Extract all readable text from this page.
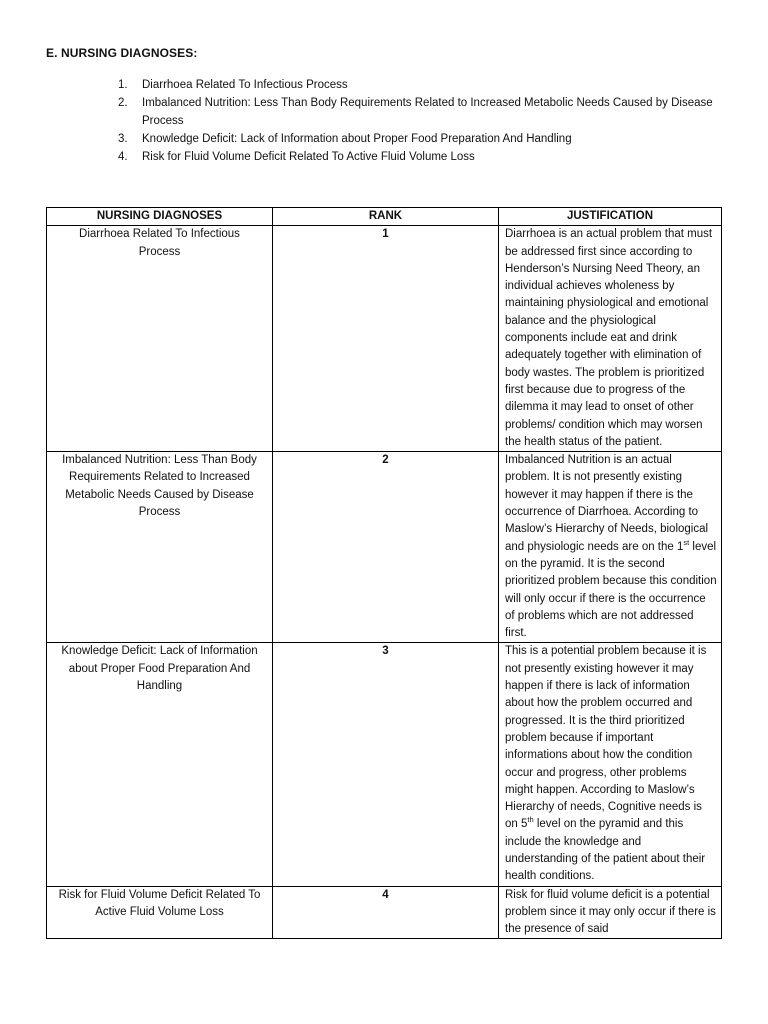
E. NURSING DIAGNOSES:
1. Diarrhoea Related To Infectious Process
2. Imbalanced Nutrition: Less Than Body Requirements Related to Increased Metabolic Needs Caused by Disease Process
3. Knowledge Deficit: Lack of Information about Proper Food Preparation And Handling
4. Risk for Fluid Volume Deficit Related To Active Fluid Volume Loss
NURSING DIAGNOSES	RANK	JUSTIFICATION
Diarrhoea Related To Infectious Process	1	Diarrhoea is an actual problem that must be addressed first since according to Henderson’s Nursing Need Theory, an individual achieves wholeness by maintaining physiological and emotional balance and the physiological components include eat and drink adequately together with elimination of body wastes. The problem is prioritized first because due to progress of the dilemma it may lead to onset of other problems/ condition which may worsen the health status of the patient.
Imbalanced Nutrition: Less Than Body Requirements Related to Increased Metabolic Needs Caused by Disease Process	2	Imbalanced Nutrition is an actual problem. It is not presently existing however it may happen if there is the occurrence of Diarrhoea. According to Maslow’s Hierarchy of Needs, biological and physiologic needs are on the 1st level on the pyramid. It is the second prioritized problem because this condition will only occur if there is the occurrence of problems which are not addressed first.
Knowledge Deficit: Lack of Information about Proper Food Preparation And Handling	3	This is a potential problem because it is not presently existing however it may happen if there is lack of information about how the problem occurred and progressed. It is the third prioritized problem because if important informations about how the condition occur and progress, other problems might happen. According to Maslow’s Hierarchy of needs, Cognitive needs is on 5th level on the pyramid and this include the knowledge and understanding of the patient about their health conditions.
Risk for Fluid Volume Deficit Related To Active Fluid Volume Loss	4	Risk for fluid volume deficit is a potential problem since it may only occur if there is the presence of said
